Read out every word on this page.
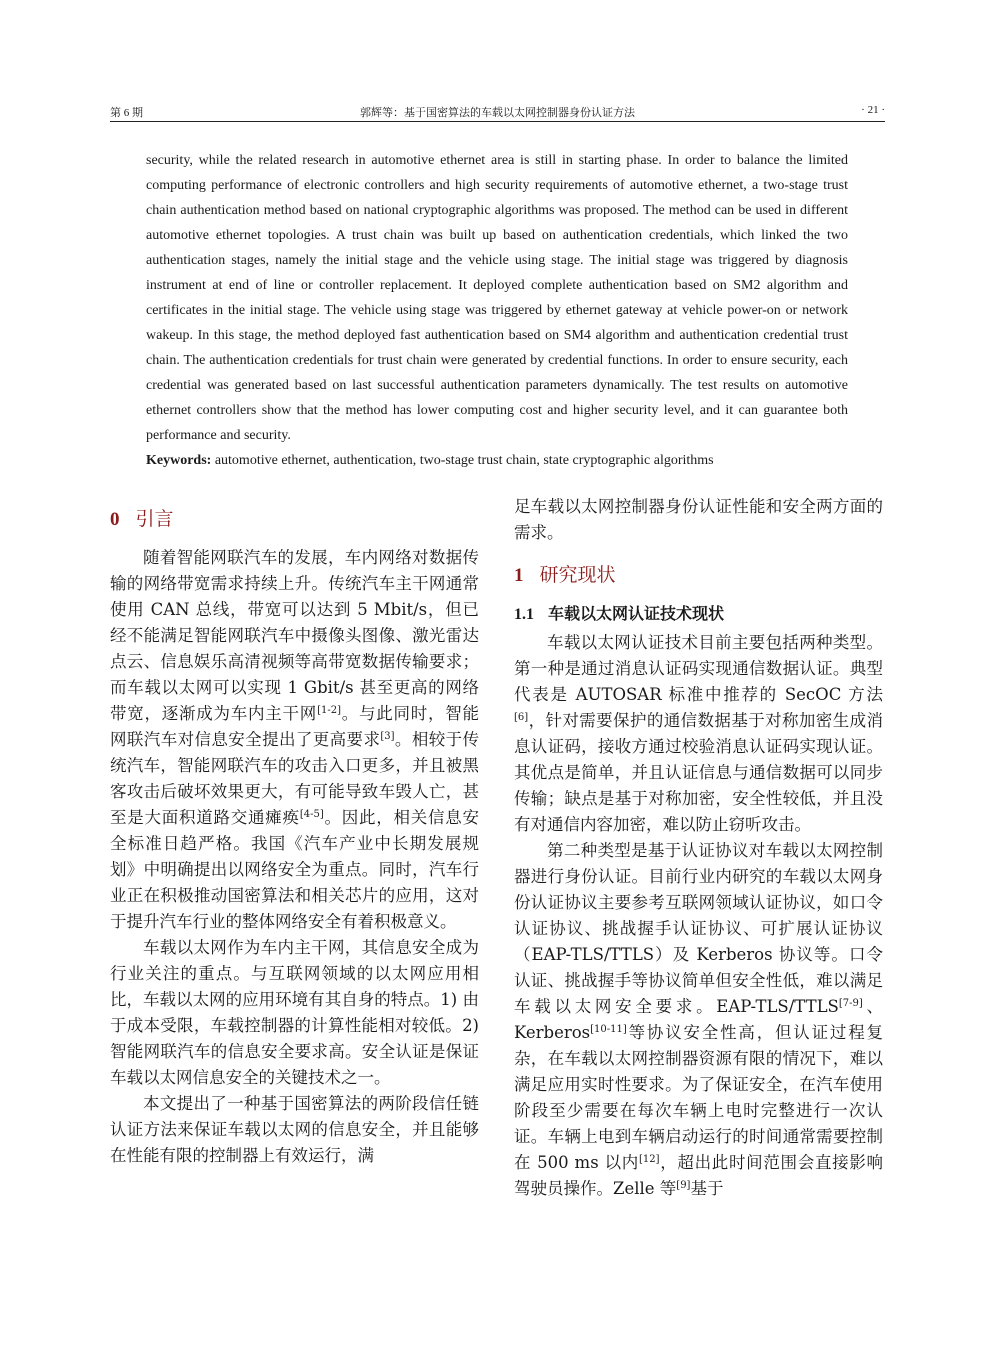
第 6 期	郭辉等：基于国密算法的车载以太网控制器身份认证方法	· 21 ·

security, while the related research in automotive ethernet area is still in starting phase. In order to balance the limited computing performance of electronic controllers and high security requirements of automotive ethernet, a two-stage trust chain authentication method based on national cryptographic algorithms was proposed. The method can be used in different automotive ethernet topologies. A trust chain was built up based on authentication credentials, which linked the two authentication stages, namely the initial stage and the vehicle using stage. The initial stage was triggered by diagnosis instrument at end of line or controller replacement. It deployed complete authentication based on SM2 algorithm and certificates in the initial stage. The vehicle using stage was triggered by ethernet gateway at vehicle power-on or network wakeup. In this stage, the method deployed fast authentication based on SM4 algorithm and authentication credential trust chain. The authentication credentials for trust chain were generated by credential functions. In order to ensure security, each credential was generated based on last successful authentication parameters dynamically. The test results on automotive ethernet controllers show that the method has lower computing cost and higher security level, and it can guarantee both performance and security.

Keywords: automotive ethernet, authentication, two-stage trust chain, state cryptographic algorithms

0 引言

随着智能网联汽车的发展，车内网络对数据传输的网络带宽需求持续上升。传统汽车主干网通常使用 CAN 总线，带宽可以达到 5 Mbit/s，但已经不能满足智能网联汽车中摄像头图像、激光雷达点云、信息娱乐高清视频等高带宽数据传输要求；而车载以太网可以实现 1 Gbit/s 甚至更高的网络带宽，逐渐成为车内主干网[1-2]。与此同时，智能网联汽车对信息安全提出了更高要求[3]。相较于传统汽车，智能网联汽车的攻击入口更多，并且被黑客攻击后破坏效果更大，有可能导致车毁人亡，甚至是大面积道路交通瘫痪[4-5]。因此，相关信息安全标准日趋严格。我国《汽车产业中长期发展规划》中明确提出以网络安全为重点。同时，汽车行业正在积极推动国密算法和相关芯片的应用，这对于提升汽车行业的整体网络安全有着积极意义。

车载以太网作为车内主干网，其信息安全成为行业关注的重点。与互联网领域的以太网应用相比，车载以太网的应用环境有其自身的特点。1) 由于成本受限，车载控制器的计算性能相对较低。2) 智能网联汽车的信息安全要求高。安全认证是保证车载以太网信息安全的关键技术之一。

本文提出了一种基于国密算法的两阶段信任链认证方法来保证车载以太网的信息安全，并且能够在性能有限的控制器上有效运行，满

足车载以太网控制器身份认证性能和安全两方面的需求。

1 研究现状
1.1 车载以太网认证技术现状

车载以太网认证技术目前主要包括两种类型。第一种是通过消息认证码实现通信数据认证。典型代表是 AUTOSAR 标准中推荐的 SecOC 方法[6]，针对需要保护的通信数据基于对称加密生成消息认证码，接收方通过校验消息认证码实现认证。其优点是简单，并且认证信息与通信数据可以同步传输；缺点是基于对称加密，安全性较低，并且没有对通信内容加密，难以防止窃听攻击。

第二种类型是基于认证协议对车载以太网控制器进行身份认证。目前行业内研究的车载以太网身份认证协议主要参考互联网领域认证协议，如口令认证协议、挑战握手认证协议、可扩展认证协议（EAP-TLS/TTLS）及 Kerberos 协议等。口令认证、挑战握手等协议简单但安全性低，难以满足车载以太网安全要求。EAP-TLS/TTLS[7-9]、Kerberos[10-11]等协议安全性高，但认证过程复杂，在车载以太网控制器资源有限的情况下，难以满足应用实时性要求。为了保证安全，在汽车使用阶段至少需要在每次车辆上电时完整进行一次认证。车辆上电到车辆启动运行的时间通常需要控制在 500 ms 以内[12]，超出此时间范围会直接影响驾驶员操作。Zelle 等[9]基于
